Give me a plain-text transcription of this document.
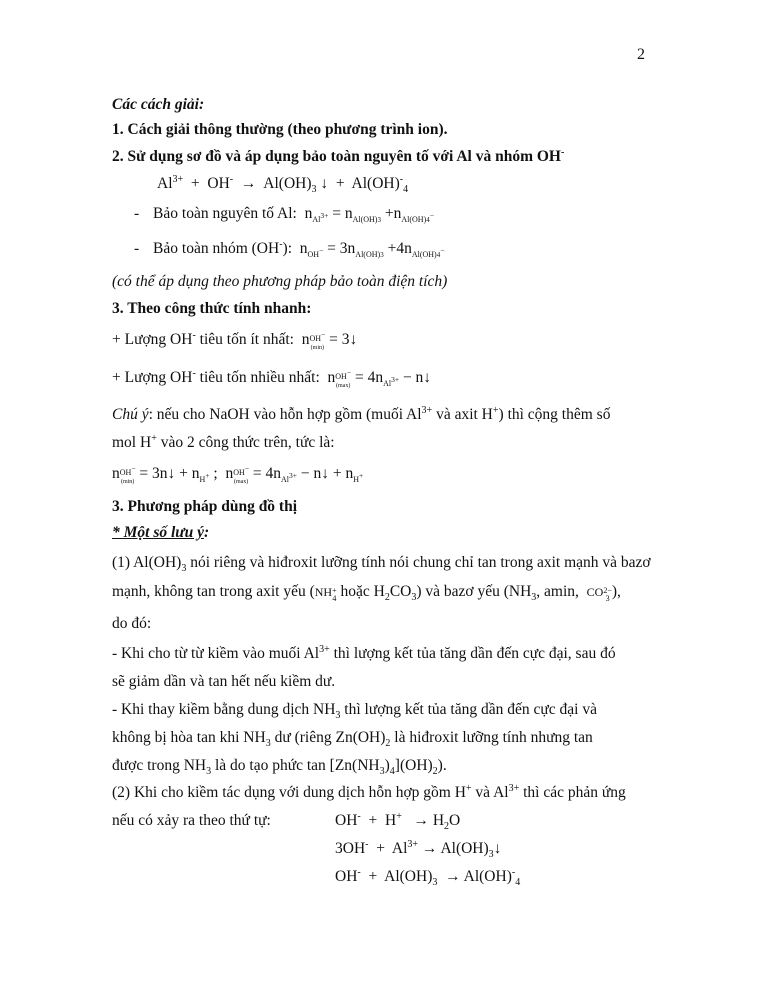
2
Các cách giải:
1. Cách giải thông thường (theo phương trình ion).
2. Sử dụng sơ đồ và áp dụng bảo toàn nguyên tố với Al và nhóm OH-
$Al^{3+} + OH^- \to Al(OH)_3$ ↓ + $Al(OH)^-_4$
- Bảo toàn nguyên tố Al: $n_{Al3+} = n_{Al(OH)3} +n_{Al(OH)4-}$
- Bảo toàn nhóm (OH-): $n_{OH-} = 3n_{Al(OH)3} +4n_{Al(OH)4-}$
(có thể áp dụng theo phương pháp bảo toàn điện tích)
3. Theo công thức tính nhanh:
+ Lượng OH- tiêu tốn ít nhất: nOH−
(min) = 3↓
+ Lượng OH- tiêu tốn nhiều nhất: nOH−
$(\max) = 4n_{Al3+}$ − n↓
Chú ý: nếu cho NaOH vào hỗn hợp gồm (muối $Al^{3+}$ và axit H+) thì cộng thêm số
mol H+ vào 2 công thức trên, tức là:
nOH−
(min) = 3n↓ + $n_{H+}$ ; nOH−
$(\max) = 4n_{Al3+}$ − n↓ + $n_{H+}$
3. Phương pháp dùng đồ thị
* Một số lưu ý:
(1) $Al(OH)_3$ nói riêng và hiđroxit lưỡng tính nói chung chỉ tan trong axit mạnh và bazơ
mạnh, không tan trong axit yếu (NH+
4 hoặc $H_2CO_3$) và bazơ yếu ($NH_3$, amin, CO2−
3 ),
do đó:
- Khi cho từ từ kiềm vào muối $Al^{3+}$ thì lượng kết tủa tăng dần đến cực đại, sau đó
sẽ giảm dần và tan hết nếu kiềm dư.
- Khi thay kiềm bằng dung dịch $NH_3$ thì lượng kết tủa tăng dần đến cực đại và
không bị hòa tan khi $NH_3$ dư (riêng $Zn(OH)_2$ là hiđroxit lưỡng tính nhưng tan
được trong $NH_3$ là do tạo phức $\tan [Zn(NH_3)_4](OH)_2$).
(2) Khi cho kiềm tác dụng với dung dịch hỗn hợp gồm H+ và $Al^{3+}$ thì các phản ứng
nếu có xảy ra theo thứ tự:	$OH^- + H^+ \to H_2O$
$3OH^- + Al^{3+}$ → $Al(OH)_3↓$
$OH^- + Al(OH)_3 \to Al(OH)^-_4$
